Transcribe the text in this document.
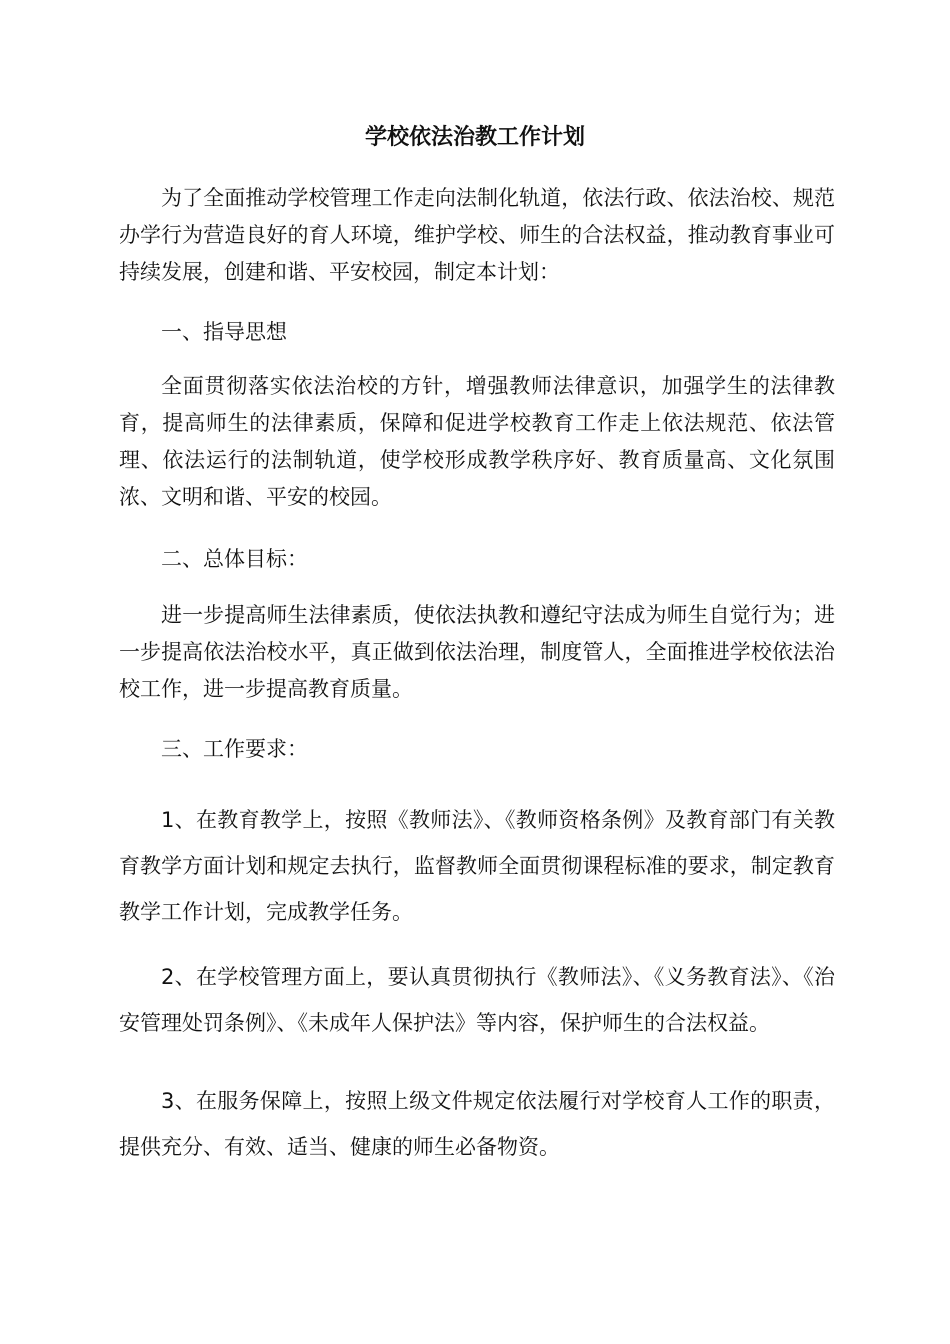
学校依法治教工作计划

为了全面推动学校管理工作走向法制化轨道，依法行政、依法治校、规范办学行为营造良好的育人环境，维护学校、师生的合法权益，推动教育事业可持续发展，创建和谐、平安校园，制定本计划：

一、指导思想

全面贯彻落实依法治校的方针，增强教师法律意识，加强学生的法律教育，提高师生的法律素质，保障和促进学校教育工作走上依法规范、依法管理、依法运行的法制轨道，使学校形成教学秩序好、教育质量高、文化氛围浓、文明和谐、平安的校园。

二、总体目标：

进一步提高师生法律素质，使依法执教和遵纪守法成为师生自觉行为；进一步提高依法治校水平，真正做到依法治理，制度管人，全面推进学校依法治校工作，进一步提高教育质量。

三、工作要求：

1、在教育教学上，按照《教师法》、《教师资格条例》及教育部门有关教育教学方面计划和规定去执行，监督教师全面贯彻课程标准的要求，制定教育教学工作计划，完成教学任务。

2、在学校管理方面上，要认真贯彻执行《教师法》、《义务教育法》、《治安管理处罚条例》、《未成年人保护法》等内容，保护师生的合法权益。

3、在服务保障上，按照上级文件规定依法履行对学校育人工作的职责，提供充分、有效、适当、健康的师生必备物资。
